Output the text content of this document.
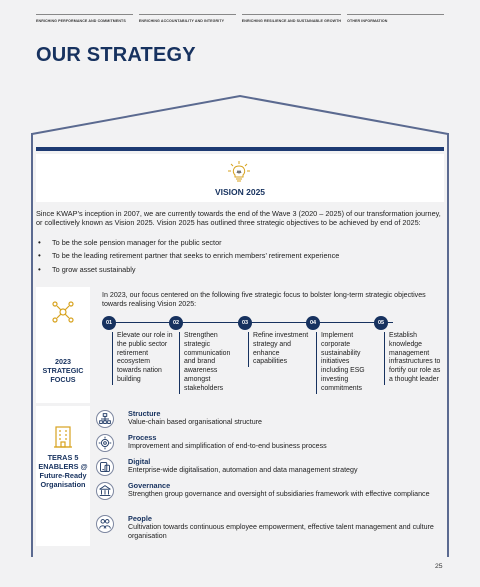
ENRICHING PERFORMANCE AND COMMITMENTS	ENRICHING ACCOUNTABILITY AND INTEGRITY	ENRICHING RESILIENCE AND SUSTAINABLE GROWTH OTHER INFORMATION
OUR STRATEGY
VISION 2025

Since KWAP’s inception in 2007, we are currently towards the end of the Wave 3 (2020 – 2025) of our transformation journey, or collectively known as Vision 2025. Vision 2025 has outlined three strategic objectives to be achieved by end of 2025:

• To be the sole pension manager for the public sector
• To be the leading retirement partner that seeks to enrich members’ retirement experience
• To grow asset sustainably
2023 STRATEGIC FOCUS

In 2023, our focus centered on the following five strategic focus to bolster long-term strategic objectives towards realising Vision 2025:

01
Elevate our role in the public sector retirement ecosystem towards nation building
02
Strengthen strategic communication and brand awareness amongst stakeholders
03
Refine investment strategy and enhance capabilities
04
Implement corporate sustainability initiatives including ESG investing commitments
05
Establish knowledge management infrastructures to fortify our role as a thought leader
TERAS 5 ENABLERS @ Future-Ready Organisation
Structure
Value-chain based organisational structure
Process
Improvement and simplification of end-to-end business process
Digital
Enterprise-wide digitalisation, automation and data management strategy
Governance
Strengthen group governance and oversight of subsidiaries framework with effective compliance
People
Cultivation towards continuous employee empowerment, effective talent management and culture organisation
25
